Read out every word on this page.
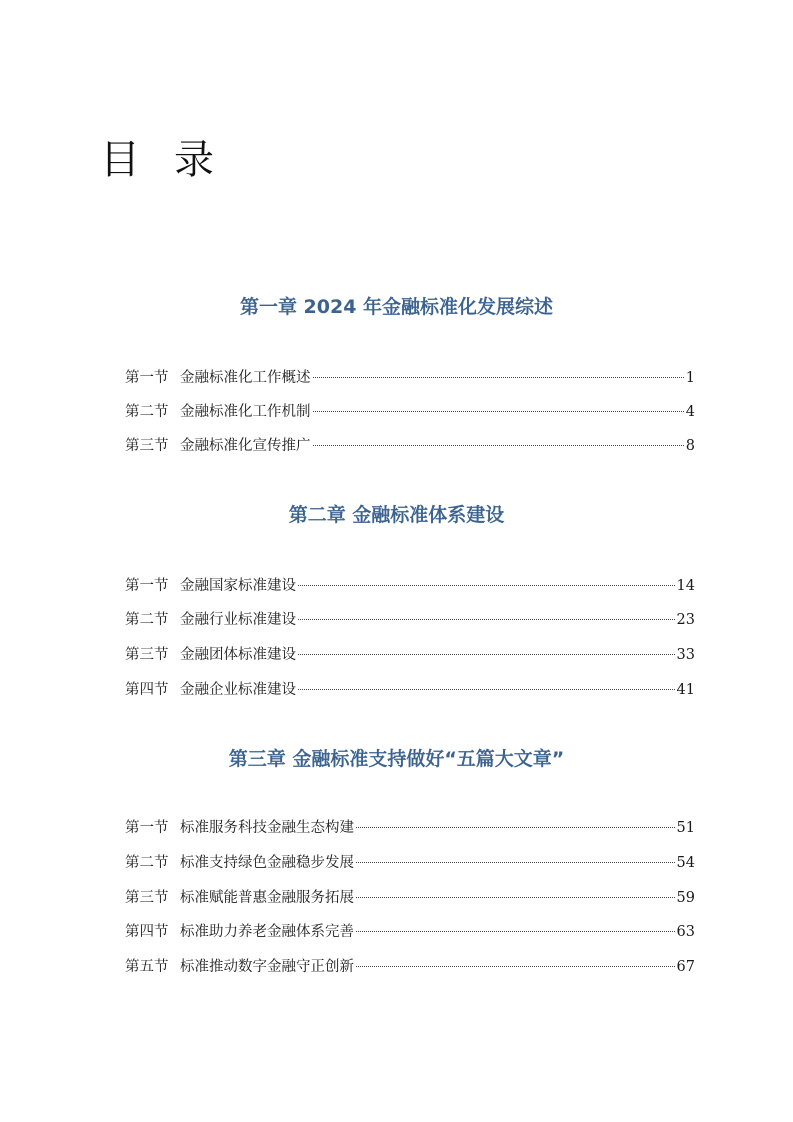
目录
第一章 2024 年金融标准化发展综述
第一节 金融标准化工作概述	1
第二节 金融标准化工作机制	4
第三节 金融标准化宣传推广	8
第二章 金融标准体系建设
第一节 金融国家标准建设	14
第二节 金融行业标准建设	23
第三节 金融团体标准建设	33
第四节 金融企业标准建设	41
第三章 金融标准支持做好“五篇大文章”
第一节 标准服务科技金融生态构建	51
第二节 标准支持绿色金融稳步发展	54
第三节 标准赋能普惠金融服务拓展	59
第四节 标准助力养老金融体系完善	63
第五节 标准推动数字金融守正创新	67
